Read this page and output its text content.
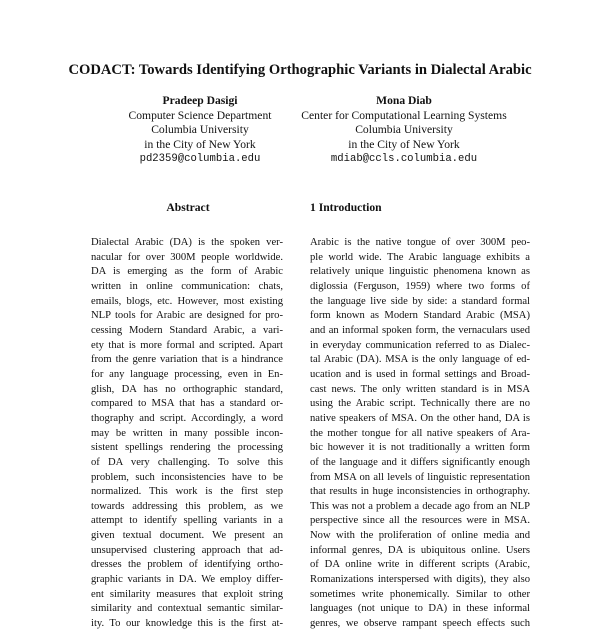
CODACT: Towards Identifying Orthographic Variants in Dialectal Arabic
Pradeep Dasigi
Computer Science Department
Columbia University
in the City of New York
pd2359@columbia.edu
Mona Diab
Center for Computational Learning Systems
Columbia University
in the City of New York
mdiab@ccls.columbia.edu
Abstract	1 Introduction
Dialectal Arabic (DA) is the spoken ver-
nacular for over 300M people worldwide.
DA is emerging as the form of Arabic
written in online communication: chats,
emails, blogs, etc. However, most existing
NLP tools for Arabic are designed for pro-
cessing Modern Standard Arabic, a vari-
ety that is more formal and scripted. Apart
from the genre variation that is a hindrance
for any language processing, even in En-
glish, DA has no orthographic standard,
compared to MSA that has a standard or-
thography and script. Accordingly, a word
may be written in many possible incon-
sistent spellings rendering the processing
of DA very challenging. To solve this
problem, such inconsistencies have to be
normalized. This work is the first step
towards addressing this problem, as we
attempt to identify spelling variants in a
given textual document. We present an
unsupervised clustering approach that ad-
dresses the problem of identifying ortho-
graphic variants in DA. We employ differ-
ent similarity measures that exploit string
similarity and contextual semantic similar-
ity. To our knowledge this is the first at-
Arabic is the native tongue of over 300M peo-
ple world wide. The Arabic language exhibits a
relatively unique linguistic phenomena known as
diglossia (Ferguson, 1959) where two forms of
the language live side by side: a standard formal
form known as Modern Standard Arabic (MSA)
and an informal spoken form, the vernaculars used
in everyday communication referred to as Dialec-
tal Arabic (DA). MSA is the only language of ed-
ucation and is used in formal settings and Broad-
cast news. The only written standard is in MSA
using the Arabic script. Technically there are no
native speakers of MSA. On the other hand, DA is
the mother tongue for all native speakers of Ara-
bic however it is not traditionally a written form
of the language and it differs significantly enough
from MSA on all levels of linguistic representation
that results in huge inconsistencies in orthography.
This was not a problem a decade ago from an NLP
perspective since all the resources were in MSA.
Now with the proliferation of online media and
informal genres, DA is ubiquitous online. Users
of DA online write in different scripts (Arabic,
Romanizations interspersed with digits), they also
sometimes write phonemically. Similar to other
languages (not unique to DA) in these informal
genres, we observe rampant speech effects such
